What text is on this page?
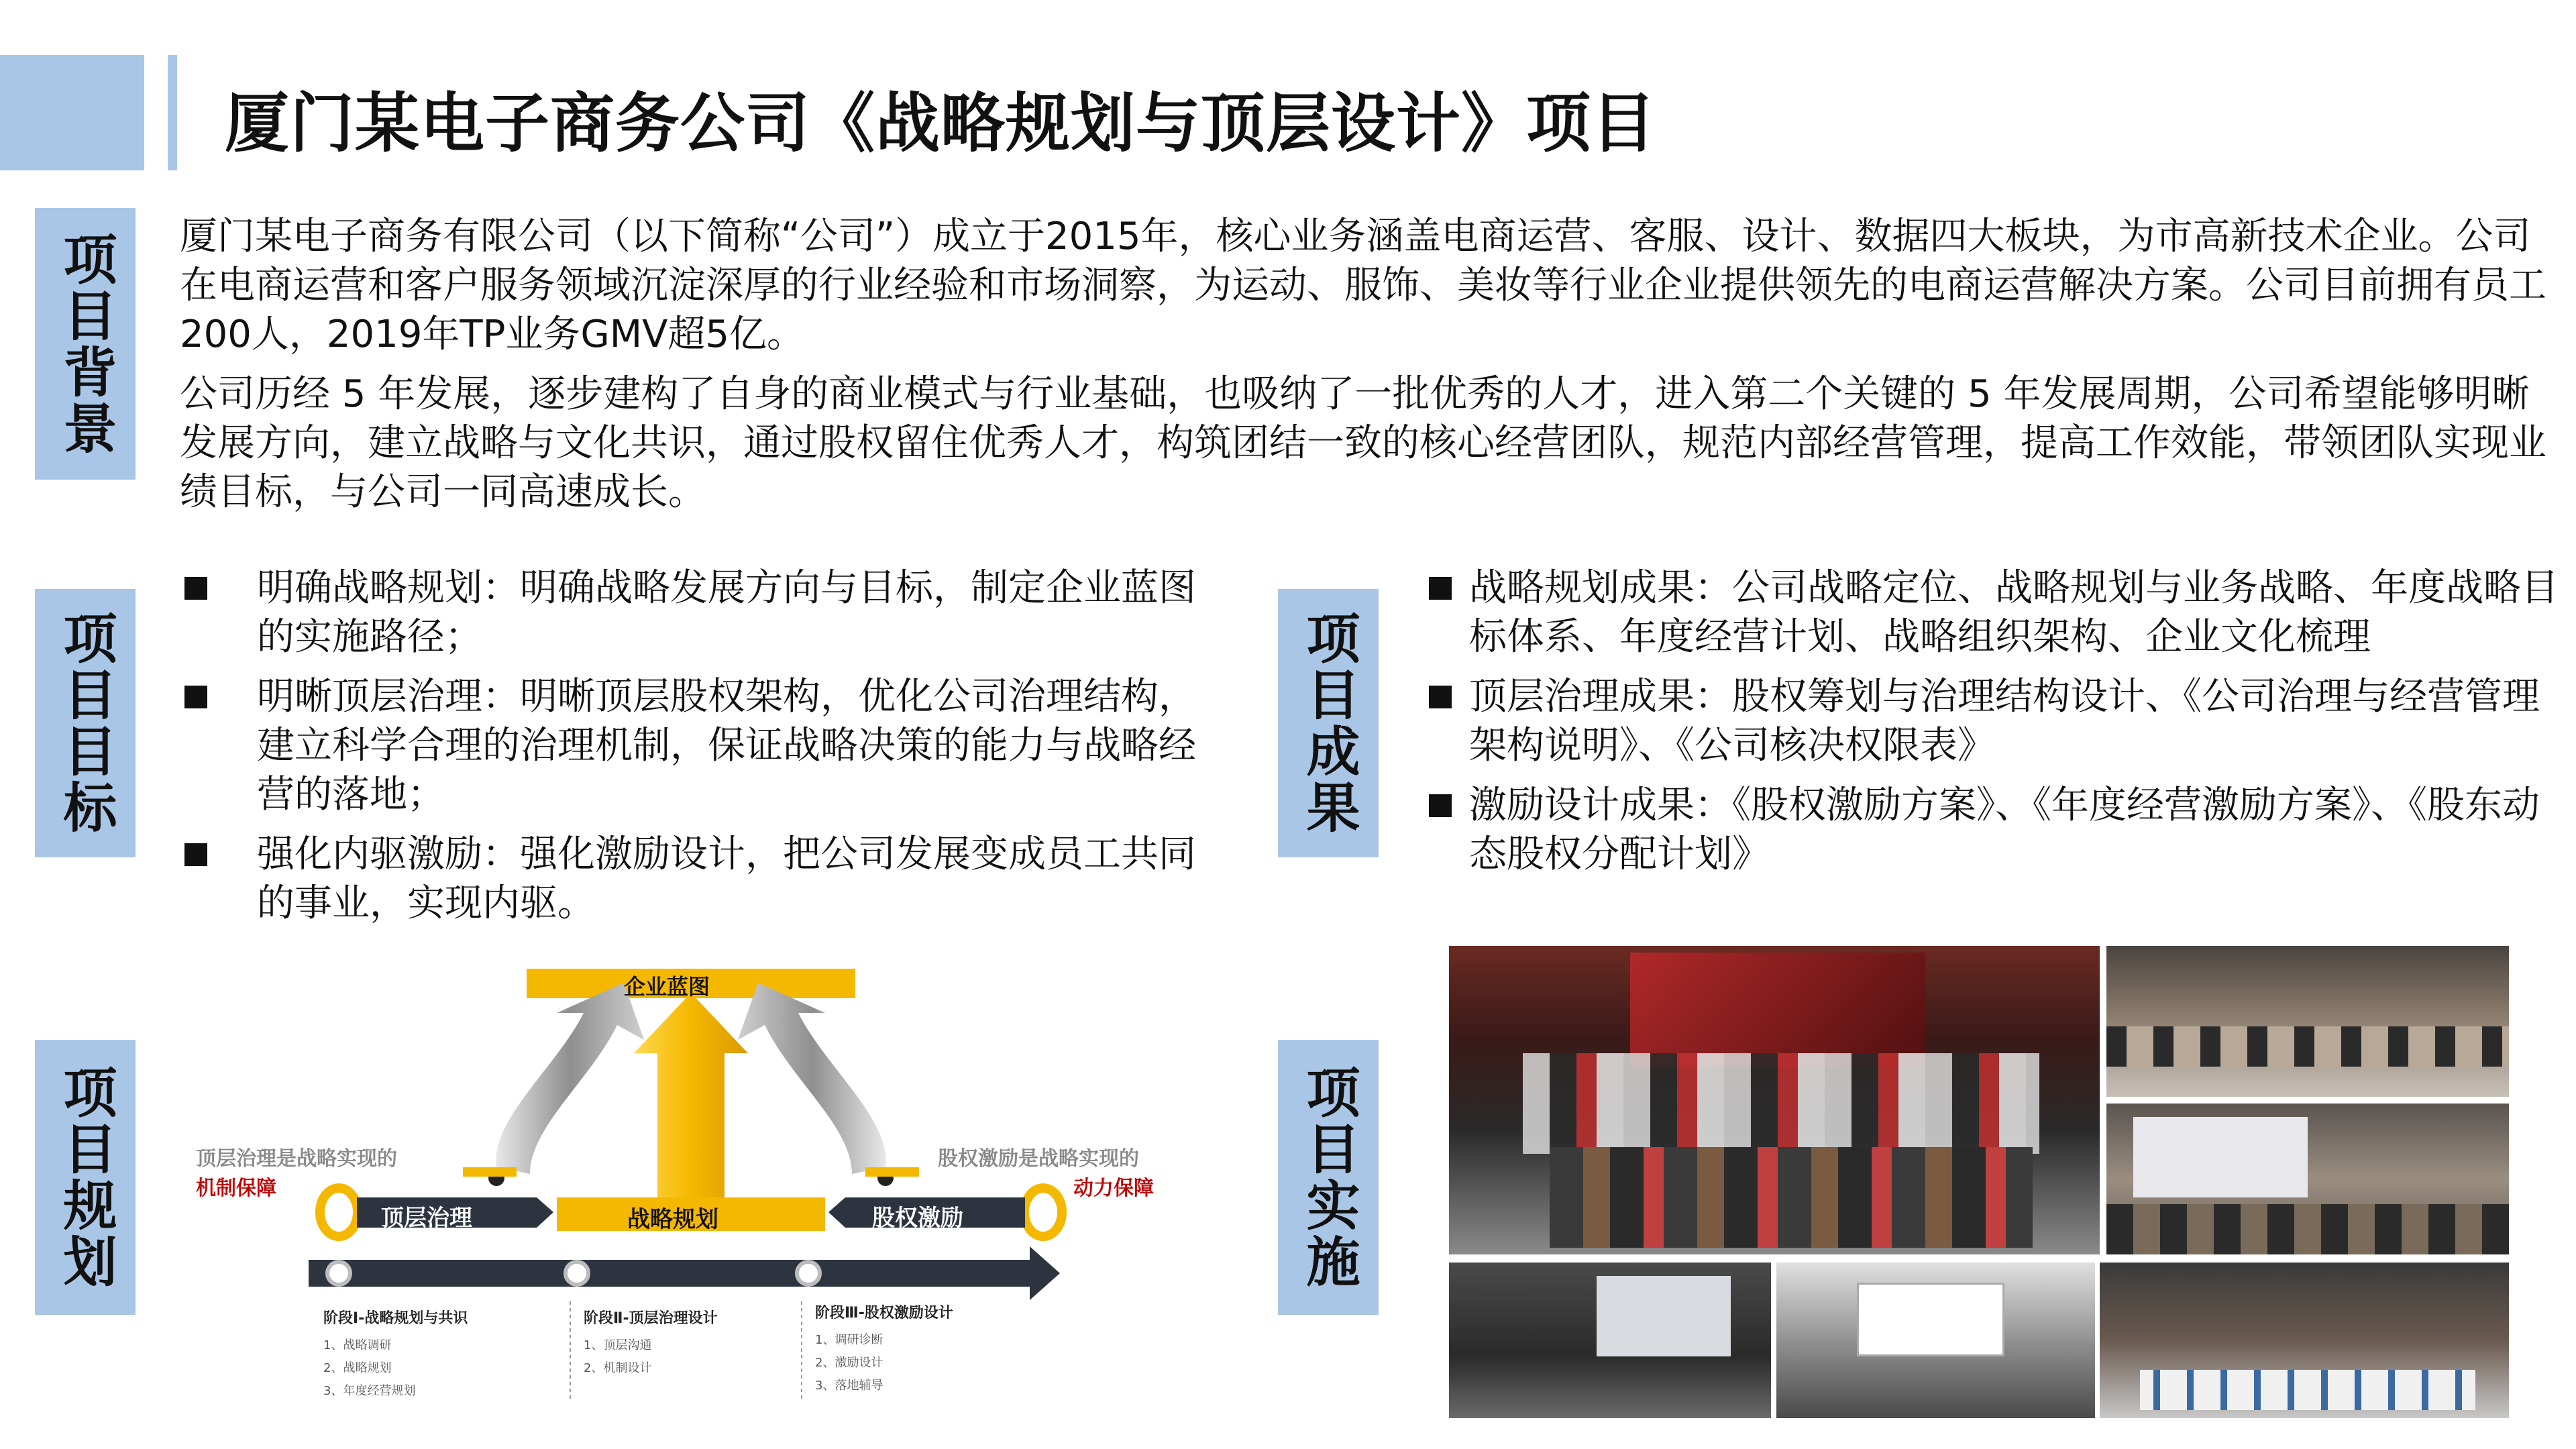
厦门某电子商务公司《战略规划与顶层设计》项目
项目背景	厦门某电子商务有限公司（以下简称“公司”）成立于2015年，核心业务涵盖电商运营、客服、设计、数据四大板块，为市高新技术企业。公司在电商运营和客户服务领域沉淀深厚的行业经验和市场洞察，为运动、服饰、美妆等行业企业提供领先的电商运营解决方案。公司目前拥有员工200人，2019年TP业务GMV超5亿。

公司历经 5 年发展，逐步建构了自身的商业模式与行业基础，也吸纳了一批优秀的人才，进入第二个关键的 5 年发展周期，公司希望能够明晰发展方向，建立战略与文化共识，通过股权留住优秀人才，构筑团结一致的核心经营团队，规范内部经营管理，提高工作效能，带领团队实现业绩目标，与公司一同高速成长。

项目目标
明确战略规划：明确战略发展方向与目标，制定企业蓝图的实施路径；
明晰顶层治理：明晰顶层股权架构，优化公司治理结构，建立科学合理的治理机制，保证战略决策的能力与战略经营的落地；
强化内驱激励：强化激励设计，把公司发展变成员工共同的事业，实现内驱。
项目成果
战略规划成果：公司战略定位、战略规划与业务战略、年度战略目标体系、年度经营计划、战略组织架构、企业文化梳理
顶层治理成果：股权筹划与治理结构设计、《公司治理与经营管理架构说明》、《公司核决权限表》
激励设计成果：《股权激励方案》、《年度经营激励方案》、《股东动态股权分配计划》
项目规划	项目实施
企业蓝图
顶层治理是战略实现的
机制保障
股权激励是战略实现的
动力保障
顶层治理	战略规划	股权激励
阶段Ⅰ-战略规划与共识
1、战略调研
2、战略规划
3、年度经营规划
阶段Ⅱ-顶层治理设计
1、顶层沟通
2、机制设计
阶段Ⅲ-股权激励设计
1、调研诊断
2、激励设计
3、落地辅导
